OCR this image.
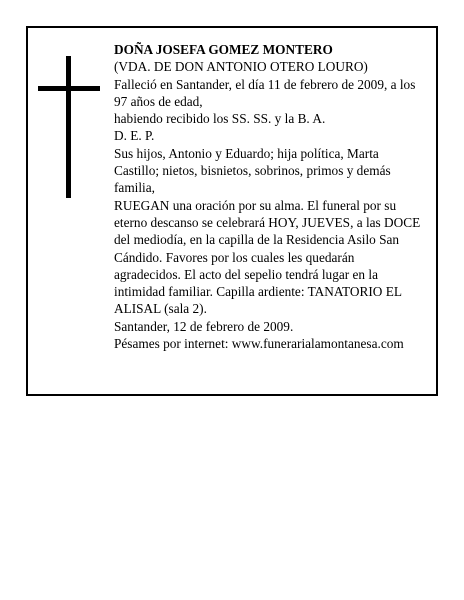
DOÑA JOSEFA GOMEZ MONTERO

(VDA. DE DON ANTONIO OTERO LOURO)

Falleció en Santander, el día 11 de febrero de 2009, a los 97 años de edad,

habiendo recibido los SS. SS. y la B. A.

D. E. P.

Sus hijos, Antonio y Eduardo; hija política, Marta Castillo; nietos, bisnietos, sobrinos, primos y demás familia,

RUEGAN una oración por su alma. El funeral por su eterno descanso se celebrará HOY, JUEVES, a las DOCE del mediodía, en la capilla de la Residencia Asilo San Cándido. Favores por los cuales les quedarán agradecidos. El acto del sepelio tendrá lugar en la intimidad familiar. Capilla ardiente: TANATORIO EL ALISAL (sala 2).

Santander, 12 de febrero de 2009.

Pésames por internet: www.funerarialamontanesa.com
